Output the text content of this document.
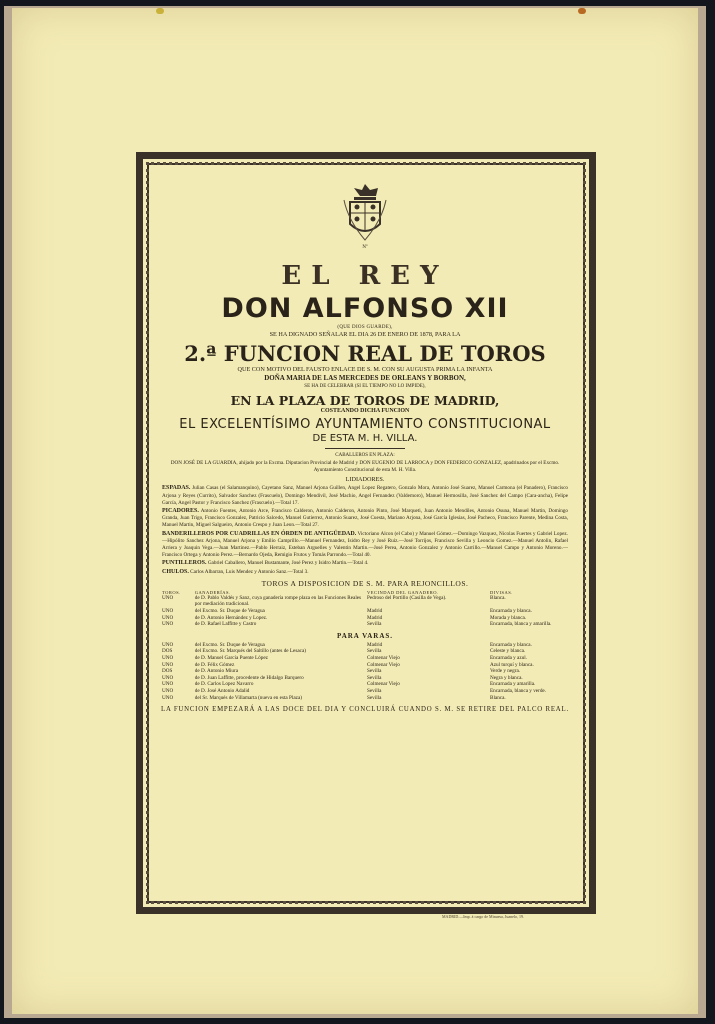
Nº
EL REY
DON ALFONSO XII
(QUE DIOS GUARDE),
SE HA DIGNADO SEÑALAR EL DIA 26 DE ENERO DE 1878, PARA LA
2.ª FUNCION REAL DE TOROS
QUE CON MOTIVO DEL FAUSTO ENLACE DE S. M. CON SU AUGUSTA PRIMA LA INFANTA
DOÑA MARIA DE LAS MERCEDES DE ORLEANS Y BORBON,
SE HA DE CELEBRAR (SI EL TIEMPO NO LO IMPIDE),
EN LA PLAZA DE TOROS DE MADRID,
COSTEANDO DICHA FUNCION
EL EXCELENTÍSIMO AYUNTAMIENTO CONSTITUCIONAL
DE ESTA M. H. VILLA.
CABALLEROS EN PLAZA:
DON JOSÉ DE LA GUARDIA, ahijado por la Excma. Diputacion Provincial de Madrid y DON EUGENIO DE LARROCA y DON FEDERICO GONZALEZ, apadrinados por el Excmo. Ayuntamiento Constitucional de esta M. H. Villa.
LIDIADORES.
ESPADAS. Julian Casas (el Salamanquino), Cayetano Sanz, Manuel Arjona Guillen, Angel Lopez Regatero, Gonzalo Mora, Antonio José Suarez, Manuel Carmona (el Panadero), Francisco Arjona y Reyes (Currito), Salvador Sanchez (Frascuelo), Domingo Mendivil, José Machio, Angel Fernandez (Valdemoro), Manuel Hermosilla, José Sanchez del Campo (Cara-ancha), Felipe García, Angel Pastor y Francisco Sanchez (Frascuelo).—Total 17.
PICADORES. Antonio Fuentes, Antonio Arce, Francisco Calderon, Antonio Calderon, Antonio Pinto, José Marqueti, Juan Antonio Mendiles, Antonio Osuna, Manuel Martin, Domingo Granda, Juan Trigo, Francisco Gonzalez, Patricio Salcedo, Manuel Gutierrez, Antonio Suarez, José Cuesta, Mariano Arjona, José García Iglesias, José Pacheco, Francisco Parente, Medina Costa, Manuel Martin, Miguel Salgueiro, Antonio Crespo y Juan Leon.—Total 27.
BANDERILLEROS POR CUADRILLAS EN ÓRDEN DE ANTIGÜEDAD. Victoriano Alcon (el Cabo) y Manuel Gómez.—Domingo Vazquez, Nicolas Fuertes y Gabriel Lopez.—Hipólito Sanchez Arjona, Manuel Arjona y Emilio Camprillo.—Manuel Fernandez, Isidro Rey y José Ruiz.—José Torrijos, Francisco Sevilla y Leoncio Gomez.—Manuel Antolin, Rafael Arriera y Joaquin Vega.—Juan Martinez.—Pablo Herraiz, Esteban Arguelles y Valentin Martin.—José Perea, Antonio Gonzalez y Antonio Carrillo.—Manuel Campo y Antonio Moreno.—Francisco Ortega y Antonio Perez.—Bernardo Ojeda, Remigio Frutos y Tomás Parrondo.—Total 40.
PUNTILLEROS. Gabriel Caballero, Manuel Bustamante, José Perez y Isidro Martin.—Total 4.
CHULOS. Carlos Albarran, Luis Mendez y Antonio Sanz.—Total 3.
TOROS A DISPOSICION DE S. M. PARA REJONCILLOS.
TOROS.	GANADERÍAS.	VECINDAD DEL GANADERO.	DIVISAS.
UNO	de D. Pablo Valdés y Sanz, cuya ganadería rompe plaza en las Funciones Reales por mediación tradicional.	Pedroso del Portillo (Casilla de Vega).	Blanca.
UNO	del Excmo. Sr. Duque de Veragua	Madrid	Encarnada y blanca.
UNO	de D. Antonio Hernández y Lopez.	Madrid	Morada y blanca.
UNO	de D. Rafael Laffitte y Castro	Sevilla	Encarnada, blanca y amarilla.
PARA VARAS.
UNO	del Excmo. Sr. Duque de Veragua	Madrid	Encarnada y blanca.
DOS	del Excmo. Sr. Marqués del Saltillo (antes de Lesaca)	Sevilla	Celeste y blanca.
UNO	de D. Manuel García Puente López	Colmenar Viejo	Encarnada y azul.
UNO	de D. Félix Gómez	Colmenar Viejo	Azul turquí y blanca.
DOS	de D. Antonio Miura	Sevilla	Verde y negra.
UNO	de D. Juan Laffitte, procedente de Hidalgo Barquero	Sevilla	Negra y blanca.
UNO	de D. Carlos Lopez Navarro	Colmenar Viejo	Encarnada y amarilla.
UNO	de D. José Antonio Adalid	Sevilla	Encarnada, blanca y verde.
UNO	del Sr. Marqués de Villamarta (nueva en esta Plaza)	Sevilla	Blanca.
LA FUNCION EMPEZARÁ A LAS DOCE DEL DIA Y CONCLUIRÁ CUANDO S. M. SE RETIRE DEL PALCO REAL.
MADRID.—Imp. á cargo de Minuesa, Juanelo, 19.
